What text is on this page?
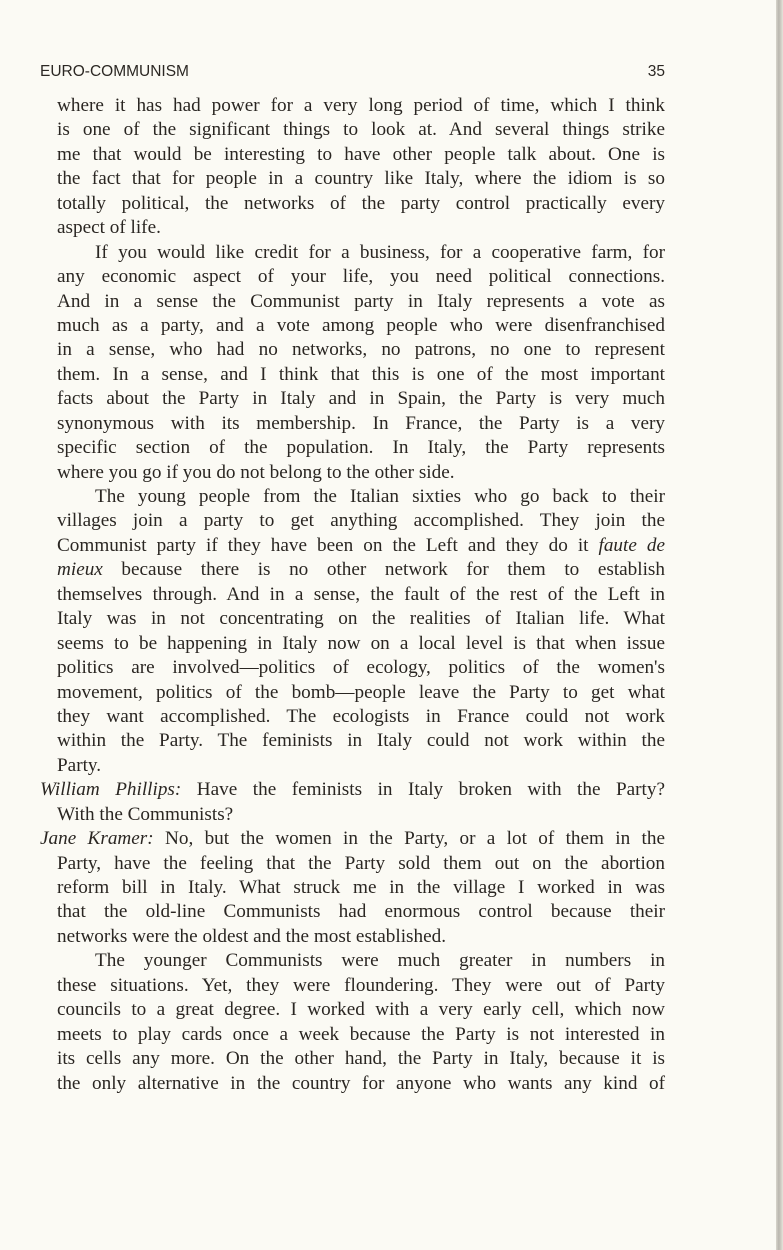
EURO-COMMUNISM	35
where it has had power for a very long period of time, which I think
is one of the significant things to look at. And several things strike
me that would be interesting to have other people talk about. One is
the fact that for people in a country like Italy, where the idiom is so
totally political, the networks of the party control practically every
aspect of life.
If you would like credit for a business, for a cooperative farm, for
any economic aspect of your life, you need political connections.
And in a sense the Communist party in Italy represents a vote as
much as a party, and a vote among people who were disenfranchised
in a sense, who had no networks, no patrons, no one to represent
them. In a sense, and I think that this is one of the most important
facts about the Party in Italy and in Spain, the Party is very much
synonymous with its membership. In France, the Party is a very
specific section of the population. In Italy, the Party represents
where you go if you do not belong to the other side.
The young people from the Italian sixties who go back to their
villages join a party to get anything accomplished. They join the
Communist party if they have been on the Left and they do it faute de
mieux because there is no other network for them to establish
themselves through. And in a sense, the fault of the rest of the Left in
Italy was in not concentrating on the realities of Italian life. What
seems to be happening in Italy now on a local level is that when issue
politics are involved—politics of ecology, politics of the women's
movement, politics of the bomb—people leave the Party to get what
they want accomplished. The ecologists in France could not work
within the Party. The feminists in Italy could not work within the
Party.
William Phillips: Have the feminists in Italy broken with the Party?
With the Communists?
Jane Kramer: No, but the women in the Party, or a lot of them in the
Party, have the feeling that the Party sold them out on the abortion
reform bill in Italy. What struck me in the village I worked in was
that the old-line Communists had enormous control because their
networks were the oldest and the most established.
The younger Communists were much greater in numbers in
these situations. Yet, they were floundering. They were out of Party
councils to a great degree. I worked with a very early cell, which now
meets to play cards once a week because the Party is not interested in
its cells any more. On the other hand, the Party in Italy, because it is
the only alternative in the country for anyone who wants any kind of
